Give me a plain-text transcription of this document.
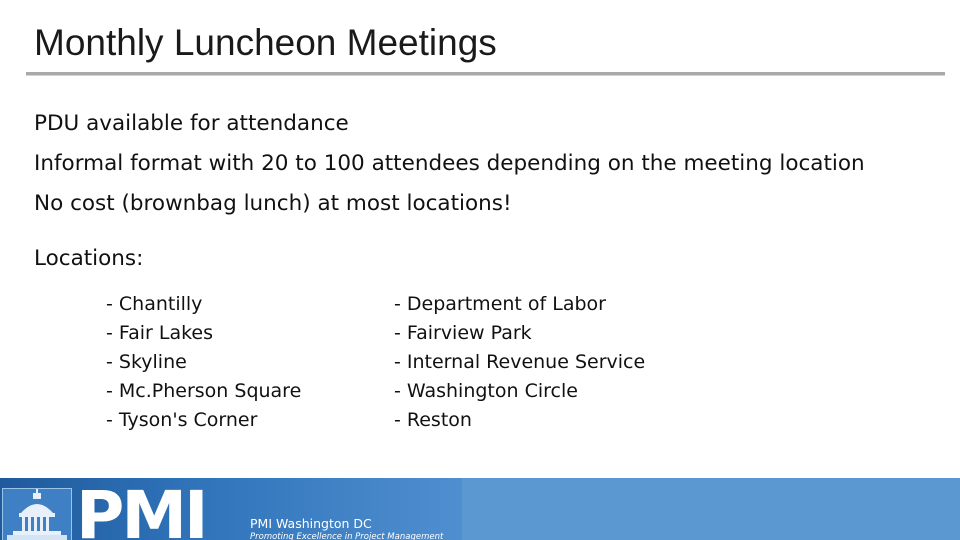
Monthly Luncheon Meetings
PDU available for attendance
Informal format with 20 to 100 attendees depending on the meeting location
No cost (brownbag lunch) at most locations!
Locations:
- Chantilly
- Fair Lakes
- Skyline
- Mc.Pherson Square
- Tyson's Corner
- Department of Labor
- Fairview Park
- Internal Revenue Service
- Washington Circle
- Reston
PMI	PMI Washington DC
Promoting Excellence in Project Management
